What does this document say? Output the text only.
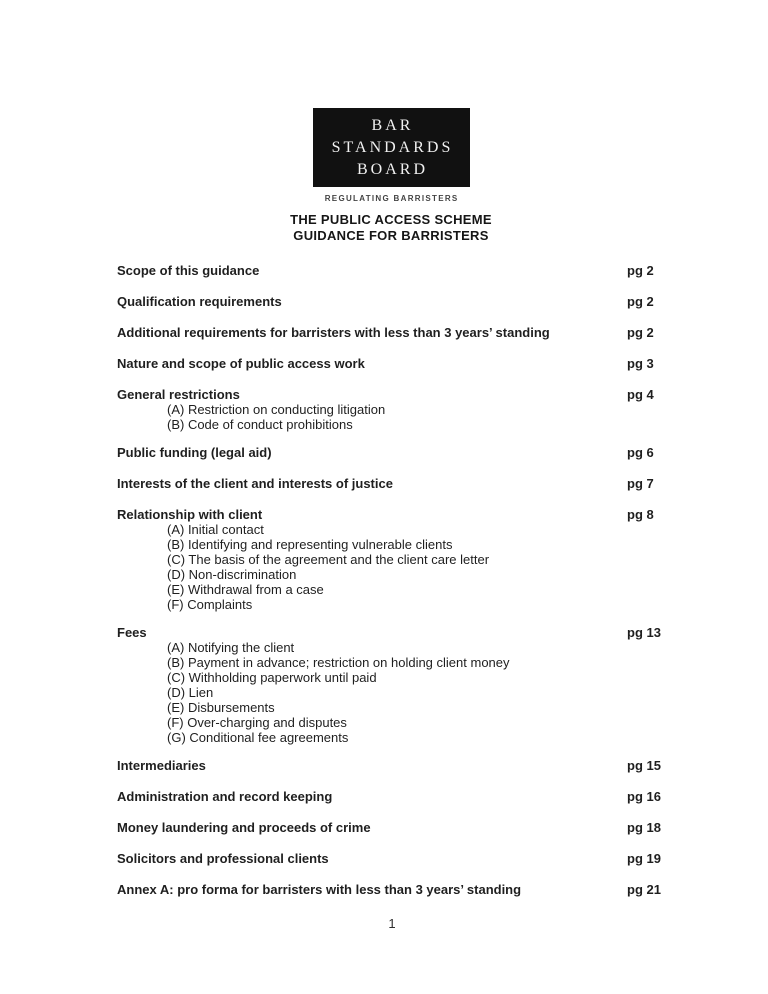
BAR
STANDARDS
BOARD
REGULATING BARRISTERS
THE PUBLIC ACCESS SCHEME
GUIDANCE FOR BARRISTERS
Scope of this guidance	pg 2
Qualification requirements	pg 2
Additional requirements for barristers with less than 3 years’ standing	pg 2
Nature and scope of public access work	pg 3
General restrictions	pg 4
(A) Restriction on conducting litigation
(B) Code of conduct prohibitions
Public funding (legal aid)	pg 6
Interests of the client and interests of justice	pg 7
Relationship with client	pg 8
(A) Initial contact
(B) Identifying and representing vulnerable clients
(C) The basis of the agreement and the client care letter
(D) Non-discrimination
(E) Withdrawal from a case
(F) Complaints
Fees	pg 13
(A) Notifying the client
(B) Payment in advance; restriction on holding client money
(C) Withholding paperwork until paid
(D) Lien
(E) Disbursements
(F) Over-charging and disputes
(G) Conditional fee agreements
Intermediaries	pg 15
Administration and record keeping	pg 16
Money laundering and proceeds of crime	pg 18
Solicitors and professional clients	pg 19
Annex A: pro forma for barristers with less than 3 years’ standing	pg 21
1
